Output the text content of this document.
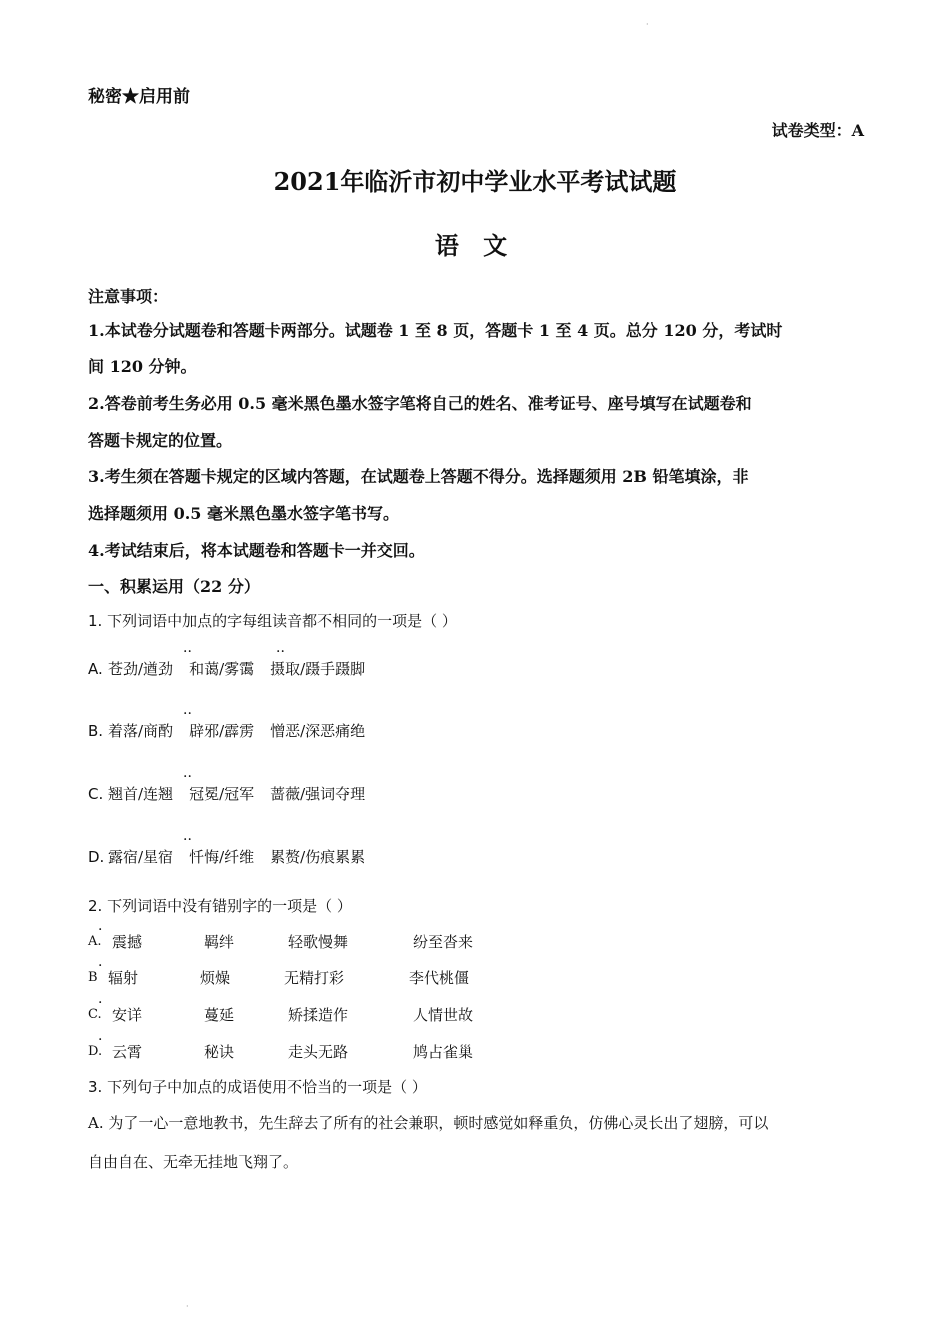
·
·
秘密★启用前
试卷类型：A
2021年临沂市初中学业水平考试试题
语 文
注意事项：
1.本试卷分试题卷和答题卡两部分。试题卷 1 至 8 页，答题卡 1 至 4 页。总分 120 分，考试时
间 120 分钟。
2.答卷前考生务必用 0.5 毫米黑色墨水签字笔将自己的姓名、准考证号、座号填写在试题卷和
答题卡规定的位置。
3.考生须在答题卡规定的区域内答题，在试题卷上答题不得分。选择题须用 2B 铅笔填涂，非
选择题须用 0.5 毫米黑色墨水签字笔书写。
4.考试结束后，将本试题卷和答题卡一并交回。
一、积累运用（22 分）
1. 下列词语中加点的字每组读音都不相同的一项是（ ）
A. 苍劲/遒劲 和蔼/雾霭 摄取/蹑手蹑脚
··	··
B. 着落/商酌 辟邪/霹雳 憎恶/深恶痛绝
··
C. 翘首/连翘 冠冕/冠军 蔷薇/强词夺理
··
D. 露宿/星宿 忏悔/纤维 累赘/伤痕累累
··
2. 下列词语中没有错别字的一项是（ ）
·
A. 震撼	羁绊	轻歌慢舞	纷至沓来
·
B 辐射	烦燥	无精打彩	李代桃僵
·
C. 安详	蔓延	矫揉造作	人情世故
·
D. 云霄	秘诀	走头无路	鸠占雀巢
3. 下列句子中加点的成语使用不恰当的一项是（ ）
A. 为了一心一意地教书，先生辞去了所有的社会兼职，顿时感觉如释重负，仿佛心灵长出了翅膀，可以
自由自在、无牵无挂地飞翔了。
